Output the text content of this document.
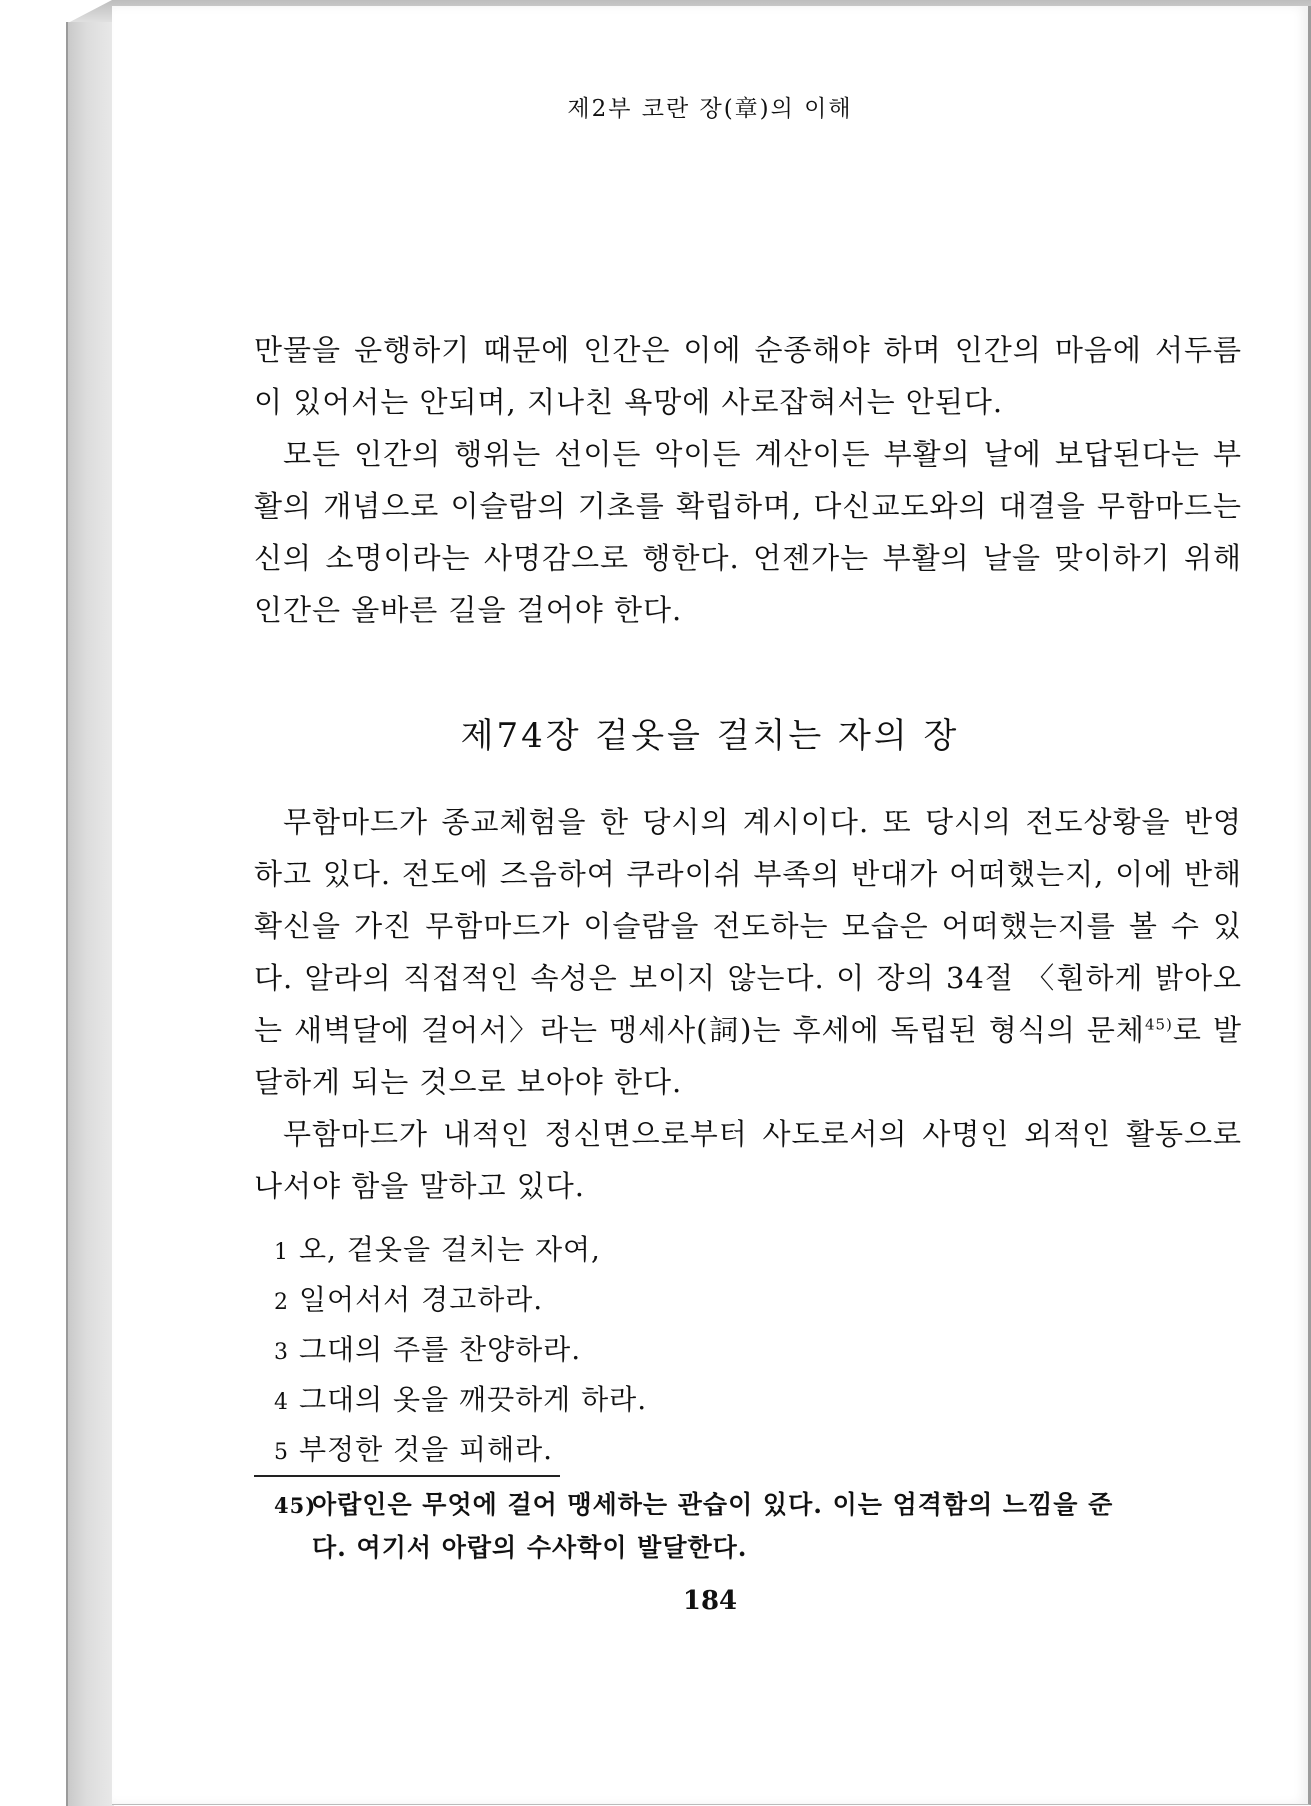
제2부 코란 장(章)의 이해

만물을 운행하기 때문에 인간은 이에 순종해야 하며 인간의 마음에 서두름이 있어서는 안되며, 지나친 욕망에 사로잡혀서는 안된다.

모든 인간의 행위는 선이든 악이든 계산이든 부활의 날에 보답된다는 부활의 개념으로 이슬람의 기초를 확립하며, 다신교도와의 대결을 무함마드는 신의 소명이라는 사명감으로 행한다. 언젠가는 부활의 날을 맞이하기 위해 인간은 올바른 길을 걸어야 한다.

제74장 겉옷을 걸치는 자의 장

무함마드가 종교체험을 한 당시의 계시이다. 또 당시의 전도상황을 반영하고 있다. 전도에 즈음하여 쿠라이쉬 부족의 반대가 어떠했는지, 이에 반해 확신을 가진 무함마드가 이슬람을 전도하는 모습은 어떠했는지를 볼 수 있다. 알라의 직접적인 속성은 보이지 않는다. 이 장의 34절 〈훤하게 밝아오는 새벽달에 걸어서〉라는 맹세사(詞)는 후세에 독립된 형식의 문체$^{45)}$로 발달하게 되는 것으로 보아야 한다.

무함마드가 내적인 정신면으로부터 사도로서의 사명인 외적인 활동으로 나서야 함을 말하고 있다.

1 오, 겉옷을 걸치는 자여,
2 일어서서 경고하라.
3 그대의 주를 찬양하라.
4 그대의 옷을 깨끗하게 하라.
5 부정한 것을 피해라.
45)아랍인은 무엇에 걸어 맹세하는 관습이 있다. 이는 엄격함의 느낌을 준
다. 여기서 아랍의 수사학이 발달한다.
184
